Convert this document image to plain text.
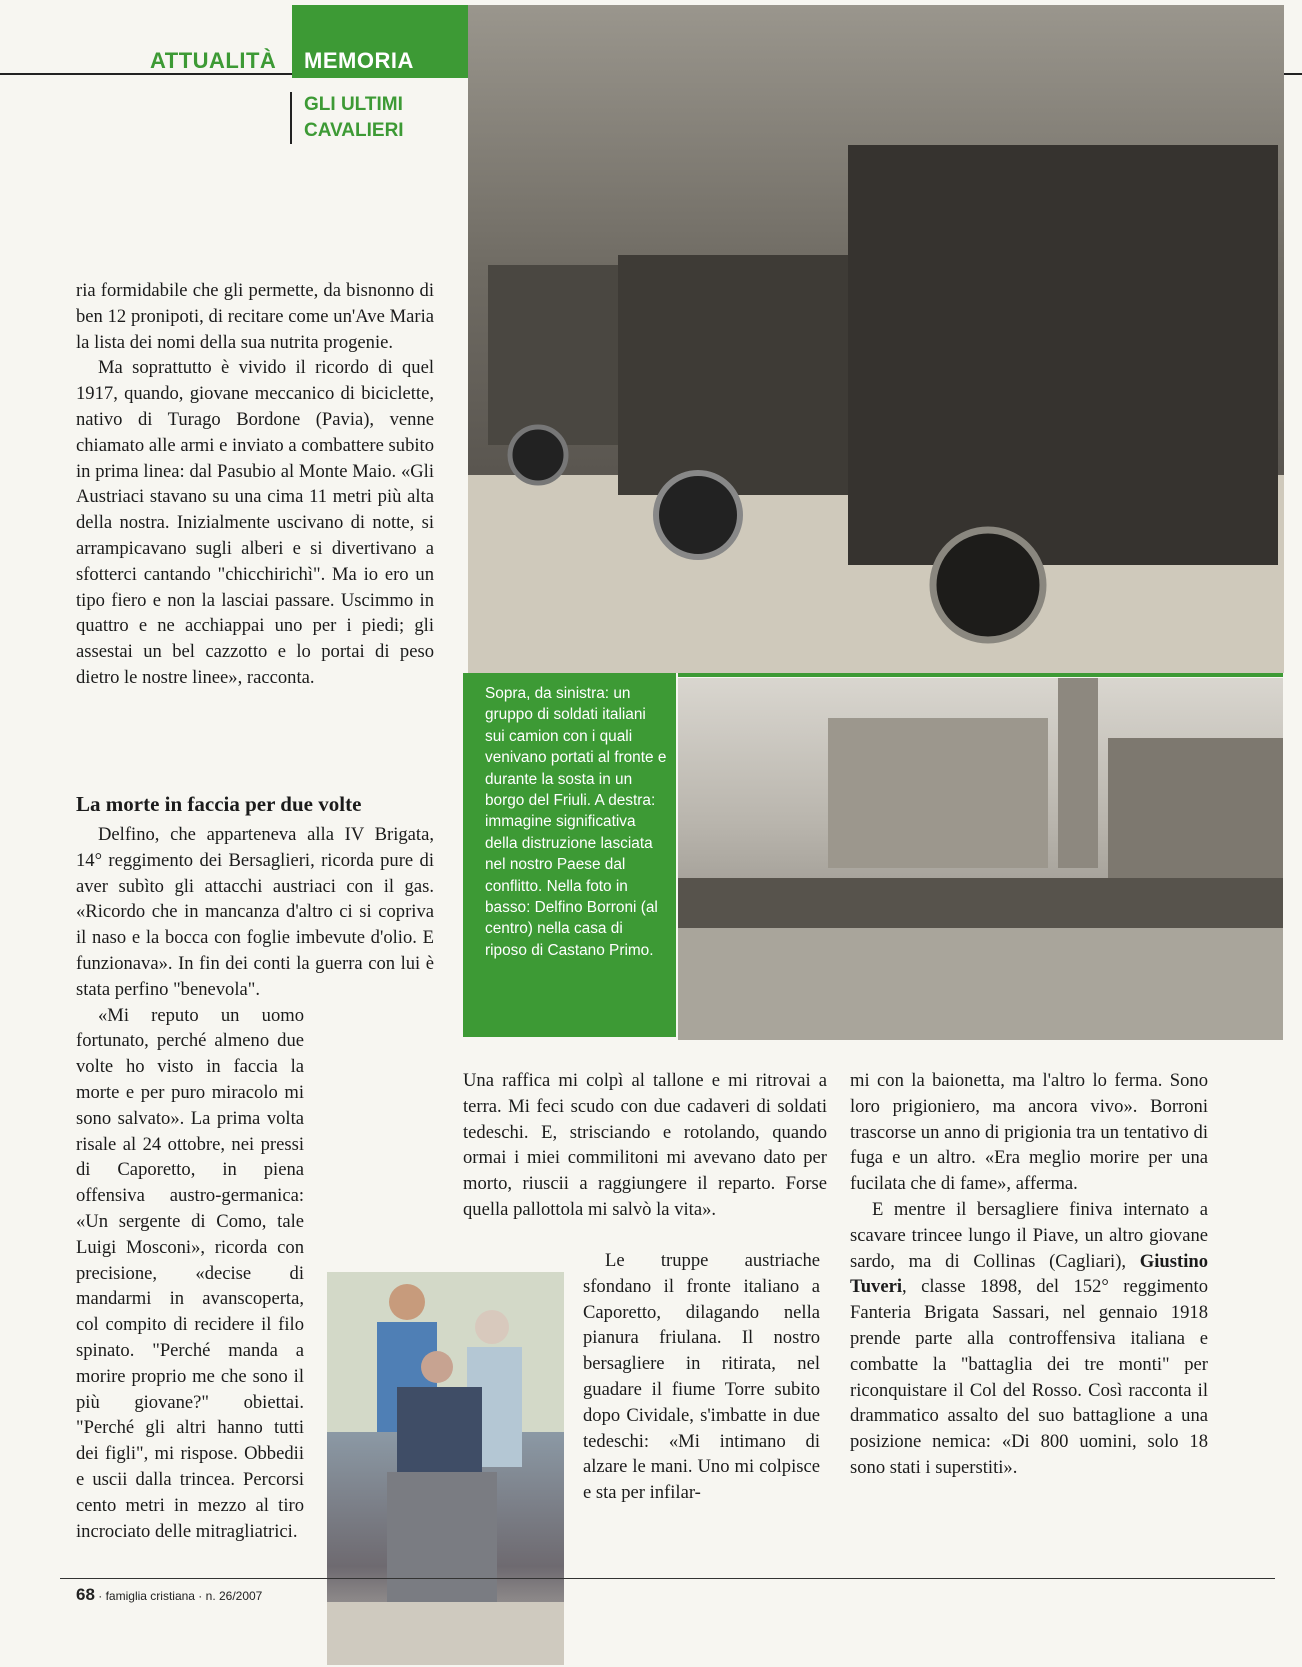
ATTUALITÀ MEMORIA
GLI ULTIMI
CAVALIERI
Sopra, da sinistra: un gruppo di soldati italiani sui camion con i quali venivano portati al fronte e durante la sosta in un borgo del Friuli. A destra: immagine significativa della distruzione lasciata nel nostro Paese dal conflitto. Nella foto in basso: Delfino Borroni (al centro) nella casa di riposo di Castano Primo.

ria formidabile che gli permette, da bisnonno di ben 12 pronipoti, di recitare come un'Ave Maria la lista dei nomi della sua nutrita progenie.

Ma soprattutto è vivido il ricordo di quel 1917, quando, giovane meccanico di biciclette, nativo di Turago Bordone (Pavia), venne chiamato alle armi e inviato a combattere subito in prima linea: dal Pasubio al Monte Maio. «Gli Austriaci stavano su una cima 11 metri più alta della nostra. Inizialmente uscivano di notte, si arrampicavano sugli alberi e si divertivano a sfotterci cantando "chicchirichì". Ma io ero un tipo fiero e non la lasciai passare. Uscimmo in quattro e ne acchiappai uno per i piedi; gli assestai un bel cazzotto e lo portai di peso dietro le nostre linee», racconta.

La morte in faccia per due volte

Delfino, che apparteneva alla IV Brigata, 14° reggimento dei Bersaglieri, ricorda pure di aver subìto gli attacchi austriaci con il gas. «Ricordo che in mancanza d'altro ci si copriva il naso e la bocca con foglie imbevute d'olio. E funzionava». In fin dei conti la guerra con lui è stata perfino "benevola".

«Mi reputo un uomo fortunato, perché almeno due volte ho visto in faccia la morte e per puro miracolo mi sono salvato». La prima volta risale al 24 ottobre, nei pressi di Caporetto, in piena offensiva austro-germanica: «Un sergente di Como, tale Luigi Mosconi», ricorda con precisione, «decise di mandarmi in avanscoperta, col compito di recidere il filo spinato. "Perché manda a morire proprio me che sono il più giovane?" obiettai. "Perché gli altri hanno tutti dei figli", mi rispose. Obbedii e uscii dalla trincea. Percorsi cento metri in mezzo al tiro incrociato delle mitragliatrici.

Una raffica mi colpì al tallone e mi ritrovai a terra. Mi feci scudo con due cadaveri di soldati tedeschi. E, strisciando e rotolando, quando ormai i miei commilitoni mi avevano dato per morto, riuscii a raggiungere il reparto. Forse quella pallottola mi salvò la vita».

Le truppe austriache sfondano il fronte italiano a Caporetto, dilagando nella pianura friulana. Il nostro bersagliere in ritirata, nel guadare il fiume Torre subito dopo Cividale, s'imbatte in due tedeschi: «Mi intimano di alzare le mani. Uno mi colpisce e sta per infilar-

mi con la baionetta, ma l'altro lo ferma. Sono loro prigioniero, ma ancora vivo». Borroni trascorse un anno di prigionia tra un tentativo di fuga e un altro. «Era meglio morire per una fucilata che di fame», afferma.

E mentre il bersagliere finiva internato a scavare trincee lungo il Piave, un altro giovane sardo, ma di Collinas (Cagliari), Giustino Tuveri, classe 1898, del 152° reggimento Fanteria Brigata Sassari, nel gennaio 1918 prende parte alla controffensiva italiana e combatte la "battaglia dei tre monti" per riconquistare il Col del Rosso. Così racconta il drammatico assalto del suo battaglione a una posizione nemica: «Di 800 uomini, solo 18 sono stati i superstiti».

68 · famiglia cristiana · n. 26/2007
